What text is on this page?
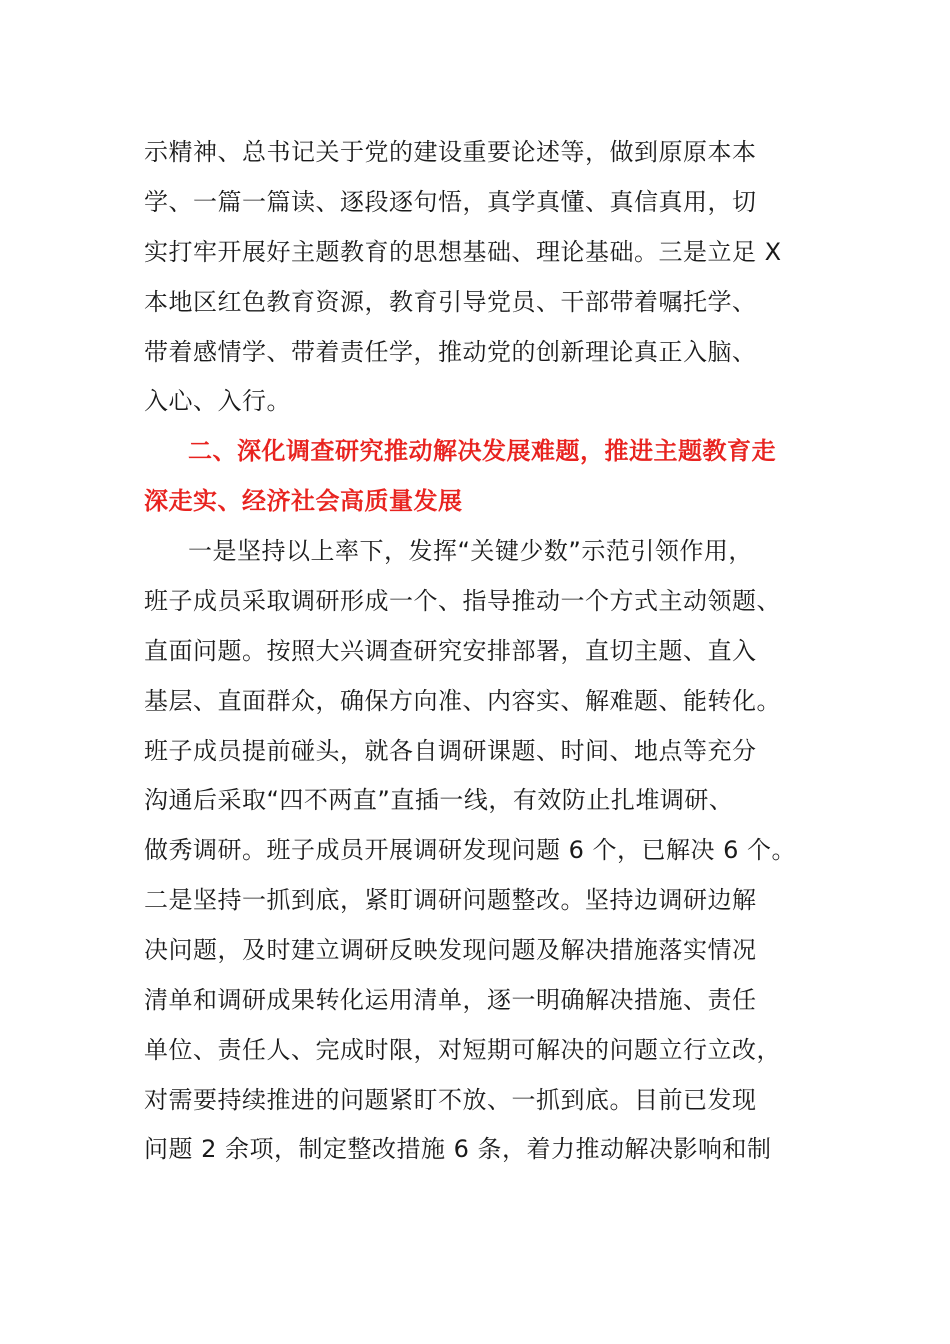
示精神、总书记关于党的建设重要论述等，做到原原本本
学、一篇一篇读、逐段逐句悟，真学真懂、真信真用，切
实打牢开展好主题教育的思想基础、理论基础。三是立足 X
本地区红色教育资源，教育引导党员、干部带着嘱托学、
带着感情学、带着责任学，推动党的创新理论真正入脑、
入心、入行。
二、深化调查研究推动解决发展难题，推进主题教育走
深走实、经济社会高质量发展
一是坚持以上率下，发挥“关键少数”示范引领作用，
班子成员采取调研形成一个、指导推动一个方式主动领题、
直面问题。按照大兴调查研究安排部署，直切主题、直入
基层、直面群众，确保方向准、内容实、解难题、能转化。
班子成员提前碰头，就各自调研课题、时间、地点等充分
沟通后采取“四不两直”直插一线，有效防止扎堆调研、
做秀调研。班子成员开展调研发现问题 6 个，已解决 6 个。
二是坚持一抓到底，紧盯调研问题整改。坚持边调研边解
决问题，及时建立调研反映发现问题及解决措施落实情况
清单和调研成果转化运用清单，逐一明确解决措施、责任
单位、责任人、完成时限，对短期可解决的问题立行立改，
对需要持续推进的问题紧盯不放、一抓到底。目前已发现
问题 2 余项，制定整改措施 6 条，着力推动解决影响和制
